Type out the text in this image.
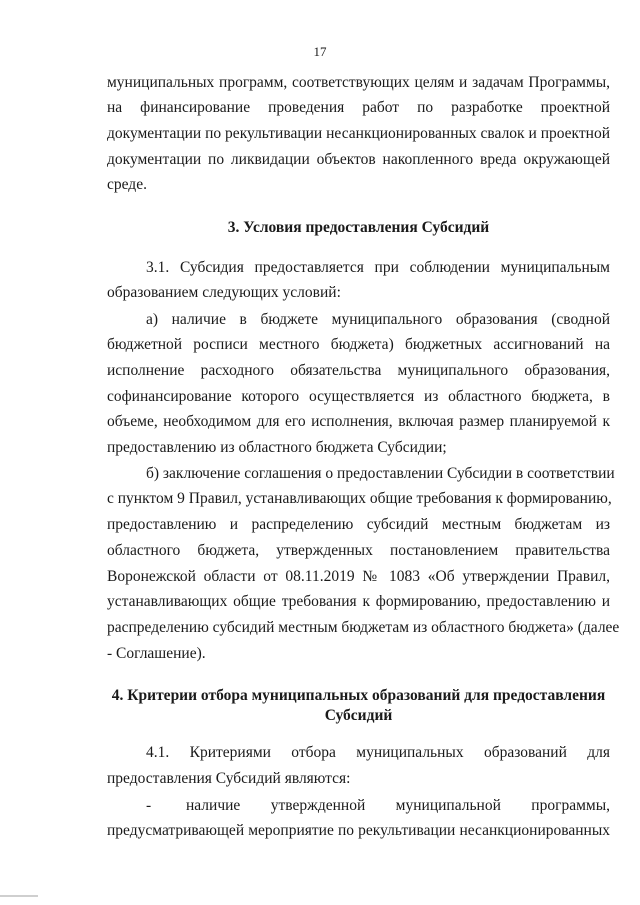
17
муниципальных программ, соответствующих целям и задачам Программы,
на финансирование проведения работ по разработке проектной
документации по рекультивации несанкционированных свалок и проектной
документации по ликвидации объектов накопленного вреда окружающей
среде.
3. Условия предоставления Субсидий
3.1. Субсидия предоставляется при соблюдении муниципальным
образованием следующих условий:
а) наличие в бюджете муниципального образования (сводной
бюджетной росписи местного бюджета) бюджетных ассигнований на
исполнение расходного обязательства муниципального образования,
софинансирование которого осуществляется из областного бюджета, в
объеме, необходимом для его исполнения, включая размер планируемой к
предоставлению из областного бюджета Субсидии;
б) заключение соглашения о предоставлении Субсидии в соответствии
с пунктом 9 Правил, устанавливающих общие требования к формированию,
предоставлению и распределению субсидий местным бюджетам из
областного бюджета, утвержденных постановлением правительства
Воронежской области от 08.11.2019 № 1083 «Об утверждении Правил,
устанавливающих общие требования к формированию, предоставлению и
распределению субсидий местным бюджетам из областного бюджета» (далее
- Соглашение).
4. Критерии отбора муниципальных образований для предоставления
Субсидий
4.1. Критериями отбора муниципальных образований для
предоставления Субсидий являются:
-	наличие утвержденной муниципальной программы,
предусматривающей мероприятие по рекультивации несанкционированных
